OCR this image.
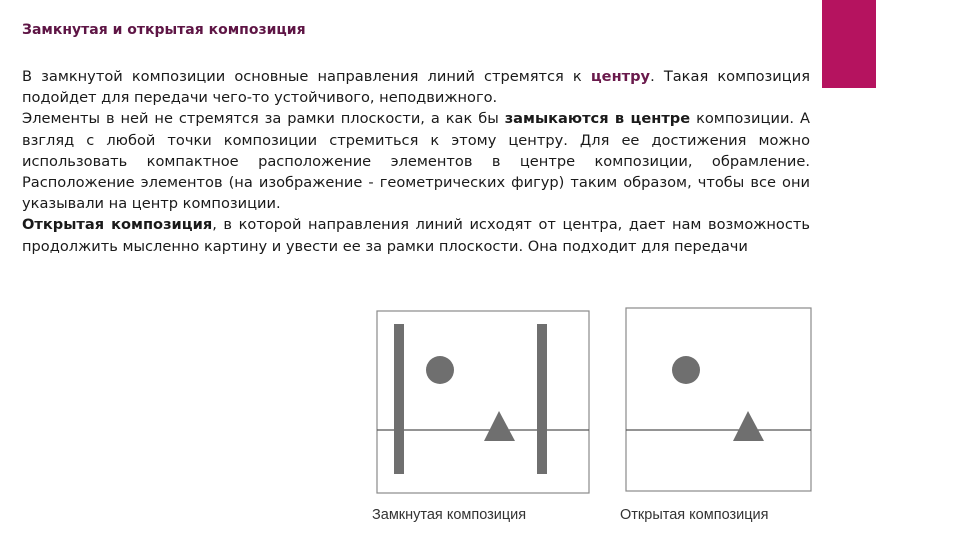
Замкнутая и открытая композиция

В замкнутой композиции основные направления линий стремятся к центру. Такая композиция подойдет для передачи чего-то устойчивого, неподвижного.

Элементы в ней не стремятся за рамки плоскости, а как бы замыкаются в центре композиции. А взгляд с любой точки композиции стремиться к этому центру. Для ее достижения можно использовать компактное расположение элементов в центре композиции, обрамление. Расположение элементов (на изображение - геометрических фигур) таким образом, чтобы все они указывали на центр композиции.

Открытая композиция, в которой направления линий исходят от центра, дает нам возможность продолжить мысленно картину и увести ее за рамки плоскости. Она подходит для передачи

Замкнутая композиция	Открытая композиция
